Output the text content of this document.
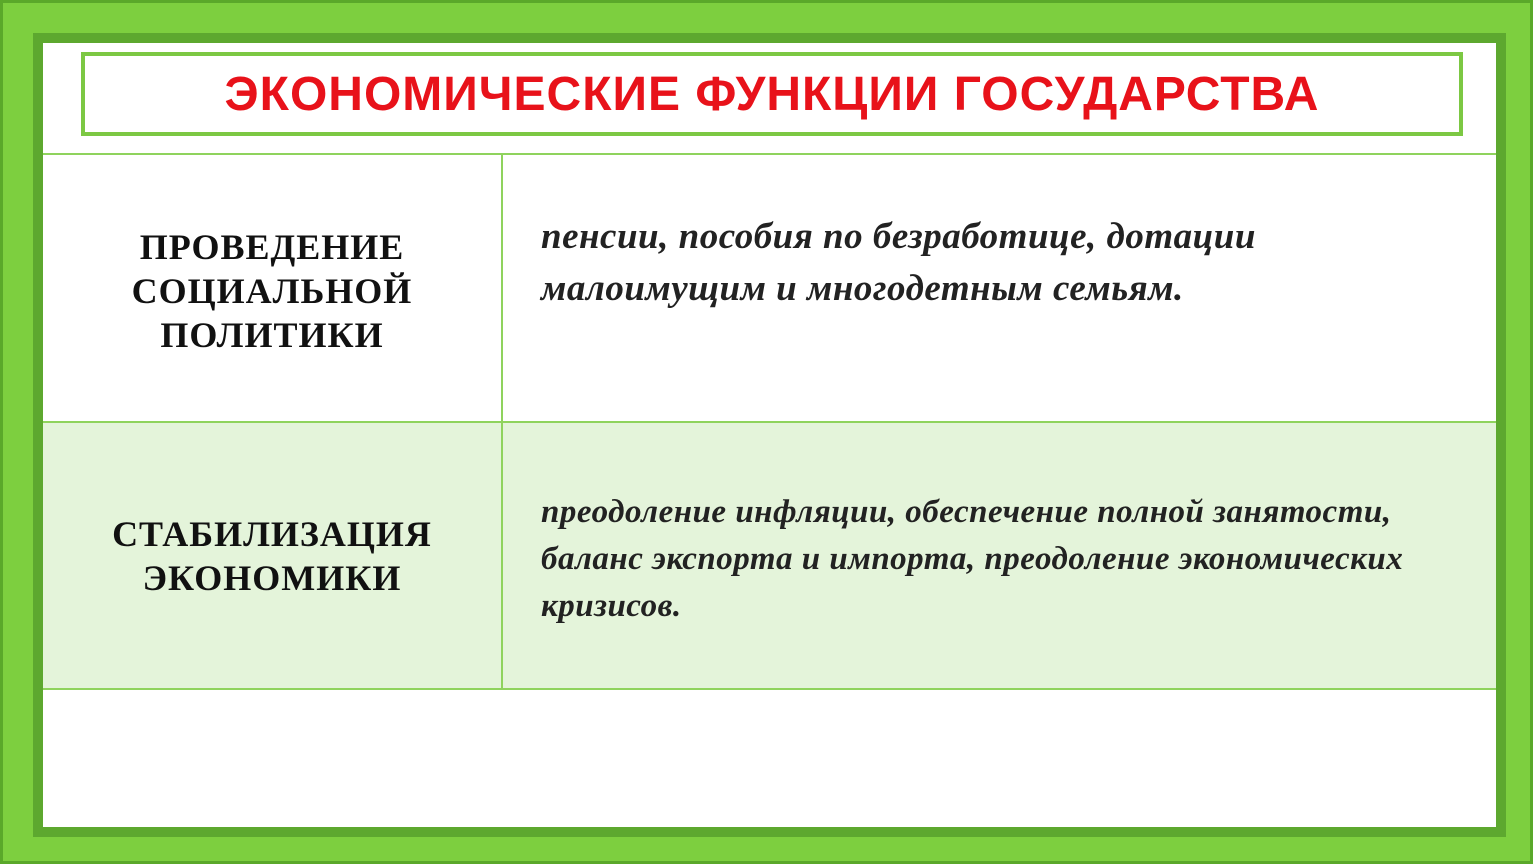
ЭКОНОМИЧЕСКИЕ ФУНКЦИИ ГОСУДАРСТВА
ПРОВЕДЕНИЕ СОЦИАЛЬНОЙ ПОЛИТИКИ
пенсии, пособия по безработице, дотации малоимущим и многодетным семьям.
СТАБИЛИЗАЦИЯ ЭКОНОМИКИ
преодоление инфляции, обеспечение полной занятости, баланс экспорта и импорта, преодоление экономических кризисов.
